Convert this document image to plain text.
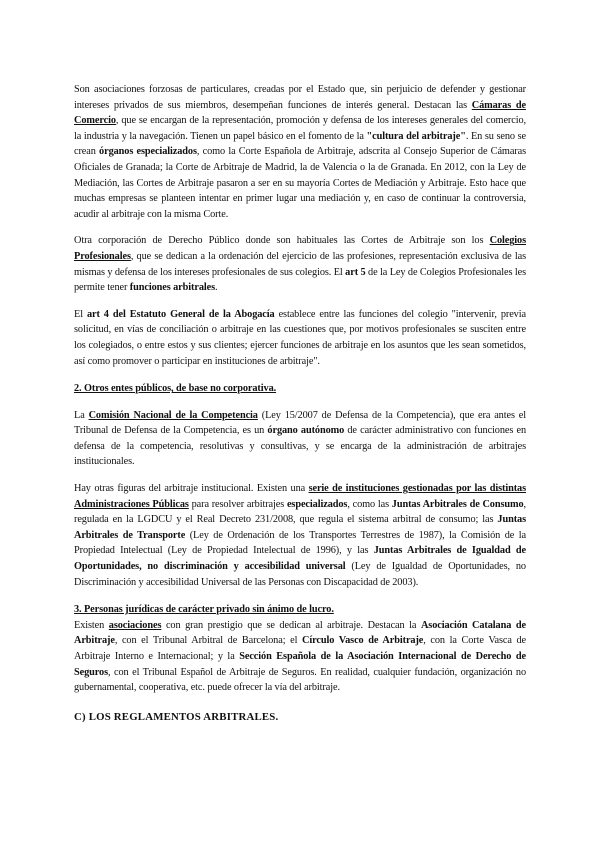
Son asociaciones forzosas de particulares, creadas por el Estado que, sin perjuicio de defender y gestionar intereses privados de sus miembros, desempeñan funciones de interés general. Destacan las Cámaras de Comercio, que se encargan de la representación, promoción y defensa de los intereses generales del comercio, la industria y la navegación. Tienen un papel básico en el fomento de la "cultura del arbitraje". En su seno se crean órganos especializados, como la Corte Española de Arbitraje, adscrita al Consejo Superior de Cámaras Oficiales de Granada; la Corte de Arbitraje de Madrid, la de Valencia o la de Granada. En 2012, con la Ley de Mediación, las Cortes de Arbitraje pasaron a ser en su mayoría Cortes de Mediación y Arbitraje. Esto hace que muchas empresas se planteen intentar en primer lugar una mediación y, en caso de continuar la controversia, acudir al arbitraje con la misma Corte.

Otra corporación de Derecho Público donde son habituales las Cortes de Arbitraje son los Colegios Profesionales, que se dedican a la ordenación del ejercicio de las profesiones, representación exclusiva de las mismas y defensa de los intereses profesionales de sus colegios. El art 5 de la Ley de Colegios Profesionales les permite tener funciones arbitrales.

El art 4 del Estatuto General de la Abogacía establece entre las funciones del colegio "intervenir, previa solicitud, en vías de conciliación o arbitraje en las cuestiones que, por motivos profesionales se susciten entre los colegiados, o entre estos y sus clientes; ejercer funciones de arbitraje en los asuntos que les sean sometidos, así como promover o participar en instituciones de arbitraje".

2. Otros entes públicos, de base no corporativa.

La Comisión Nacional de la Competencia (Ley 15/2007 de Defensa de la Competencia), que era antes el Tribunal de Defensa de la Competencia, es un órgano autónomo de carácter administrativo con funciones en defensa de la competencia, resolutivas y consultivas, y se encarga de la administración de arbitrajes institucionales.

Hay otras figuras del arbitraje institucional. Existen una serie de instituciones gestionadas por las distintas Administraciones Públicas para resolver arbitrajes especializados, como las Juntas Arbitrales de Consumo, regulada en la LGDCU y el Real Decreto 231/2008, que regula el sistema arbitral de consumo; las Juntas Arbitrales de Transporte (Ley de Ordenación de los Transportes Terrestres de 1987), la Comisión de la Propiedad Intelectual (Ley de Propiedad Intelectual de 1996), y las Juntas Arbitrales de Igualdad de Oportunidades, no discriminación y accesibilidad universal (Ley de Igualdad de Oportunidades, no Discriminación y accesibilidad Universal de las Personas con Discapacidad de 2003).

3. Personas jurídicas de carácter privado sin ánimo de lucro.

Existen asociaciones con gran prestigio que se dedican al arbitraje. Destacan la Asociación Catalana de Arbitraje, con el Tribunal Arbitral de Barcelona; el Círculo Vasco de Arbitraje, con la Corte Vasca de Arbitraje Interno e Internacional; y la Sección Española de la Asociación Internacional de Derecho de Seguros, con el Tribunal Español de Arbitraje de Seguros. En realidad, cualquier fundación, organización no gubernamental, cooperativa, etc. puede ofrecer la vía del arbitraje.

C) LOS REGLAMENTOS ARBITRALES.
